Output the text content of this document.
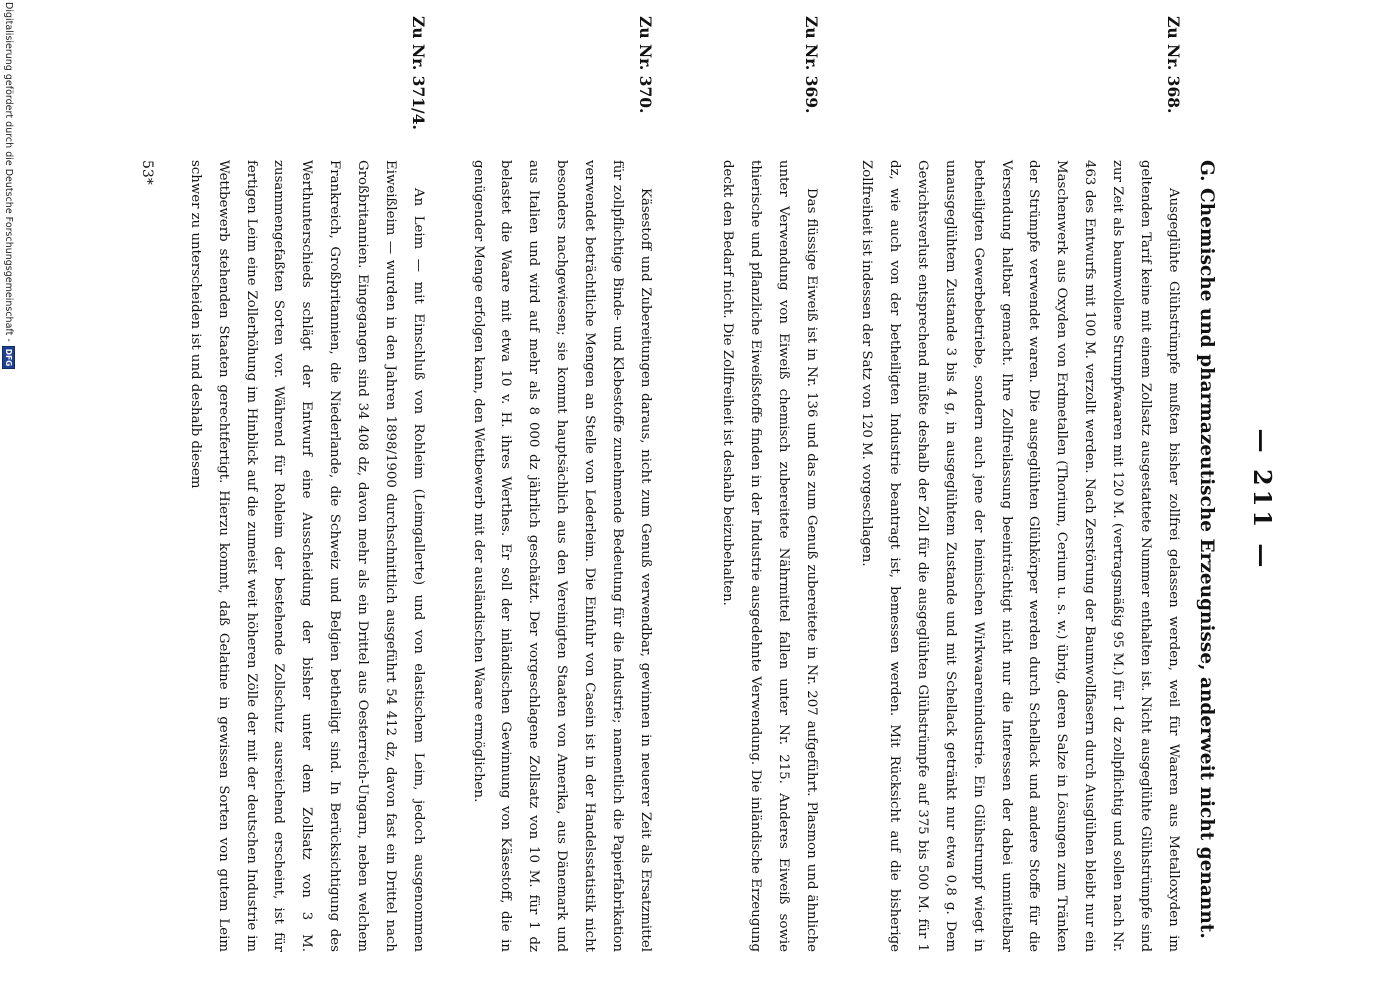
— 211 —
G. Chemische und pharmazeutische Erzeugnisse, anderweit nicht genannt.
Zu Nr. 368.

Ausgeglühte Glühstrümpfe mußten bisher zollfrei gelassen werden, weil für Waaren aus Metalloxyden im geltenden Tarif keine mit einem Zollsatz ausgestattete Nummer enthalten ist. Nicht ausgeglühte Glühstrümpfe sind zur Zeit als baumwollene Strumpfwaaren mit 120 M. (vertragsmäßig 95 M.) für 1 dz zollpflichtig und sollen nach Nr. 463 des Entwurfs mit 100 M. verzollt werden. Nach Zerstörung der Baumwollfasern durch Ausglühen bleibt nur ein Maschenwerk aus Oxyden von Erdmetallen (Thorium, Cerium u. s. w.) übrig, deren Salze in Lösungen zum Tränken der Strümpfe verwendet waren. Die ausgeglühten Glühkörper werden durch Schellack und andere Stoffe für die Versendung haltbar gemacht. Ihre Zollfreilassung beeinträchtigt nicht nur die Interessen der dabei unmittelbar betheiligten Gewerbebetriebe, sondern auch jene der heimischen Wirkwaarenindustrie. Ein Glühstrumpf wiegt in unausgeglühtem Zustande 3 bis 4 g, in ausgeglühtem Zustande und mit Schellack getränkt nur etwa 0,8 g. Dem Gewichtsverlust entsprechend müßte deshalb der Zoll für die ausgeglühten Glühstrümpfe auf 375 bis 500 M. für 1 dz, wie auch von der betheiligten Industrie beantragt ist, bemessen werden. Mit Rücksicht auf die bisherige Zollfreiheit ist indessen der Satz von 120 M. vorgeschlagen.

Zu Nr. 369.

Das flüssige Eiweiß ist in Nr. 136 und das zum Genuß zubereitete in Nr. 207 aufgeführt. Plasmon und ähnliche unter Verwendung von Eiweiß chemisch zubereitete Nährmittel fallen unter Nr. 215. Anderes Eiweiß sowie thierische und pflanzliche Eiweißstoffe finden in der Industrie ausgedehnte Verwendung. Die inländische Erzeugung deckt den Bedarf nicht. Die Zollfreiheit ist deshalb beizubehalten.

Zu Nr. 370.

Käsestoff und Zubereitungen daraus, nicht zum Genuß verwendbar, gewinnen in neuerer Zeit als Ersatzmittel für zollpflichtige Binde- und Klebestoffe zunehmende Bedeutung für die Industrie; namentlich die Papierfabrikation verwendet beträchtliche Mengen an Stelle von Lederleim. Die Einfuhr von Casein ist in der Handelsstatistik nicht besonders nachgewiesen; sie kommt hauptsächlich aus den Vereinigten Staaten von Amerika, aus Dänemark und aus Italien und wird auf mehr als 8 000 dz jährlich geschätzt. Der vorgeschlagene Zollsatz von 10 M. für 1 dz belastet die Waare mit etwa 10 v. H. ihres Werthes. Er soll der inländischen Gewinnung von Käsestoff, die in genügender Menge erfolgen kann, den Wettbewerb mit der ausländischen Waare ermöglichen.

Zu Nr. 371/4.

An Leim — mit Einschluß von Rohleim (Leimgallerte) und von elastischem Leim, jedoch ausgenommen Eiweißleim — wurden in den Jahren 1898/1900 durchschnittlich ausgeführt 54 412 dz, davon fast ein Drittel nach Großbritannien. Eingegangen sind 34 408 dz, davon mehr als ein Drittel aus Oesterreich-Ungarn, neben welchem Frankreich, Großbritannien, die Niederlande, die Schweiz und Belgien betheiligt sind. In Berücksichtigung des Werthunterschieds schlägt der Entwurf eine Ausscheidung der bisher unter dem Zollsatz von 3 M. zusammengefaßten Sorten vor. Während für Rohleim der bestehende Zollschutz ausreichend erscheint, ist für fertigen Leim eine Zollerhöhung im Hinblick auf die zumeist weit höheren Zölle der mit der deutschen Industrie im Wettbewerb stehenden Staaten gerechtfertigt. Hierzu kommt, daß Gelatine in gewissen Sorten von gutem Leim schwer zu unterscheiden ist und deshalb diesem

53*
Digitalisierung gefördert durch die Deutsche Forschungsgemeinschaft -
DFG
